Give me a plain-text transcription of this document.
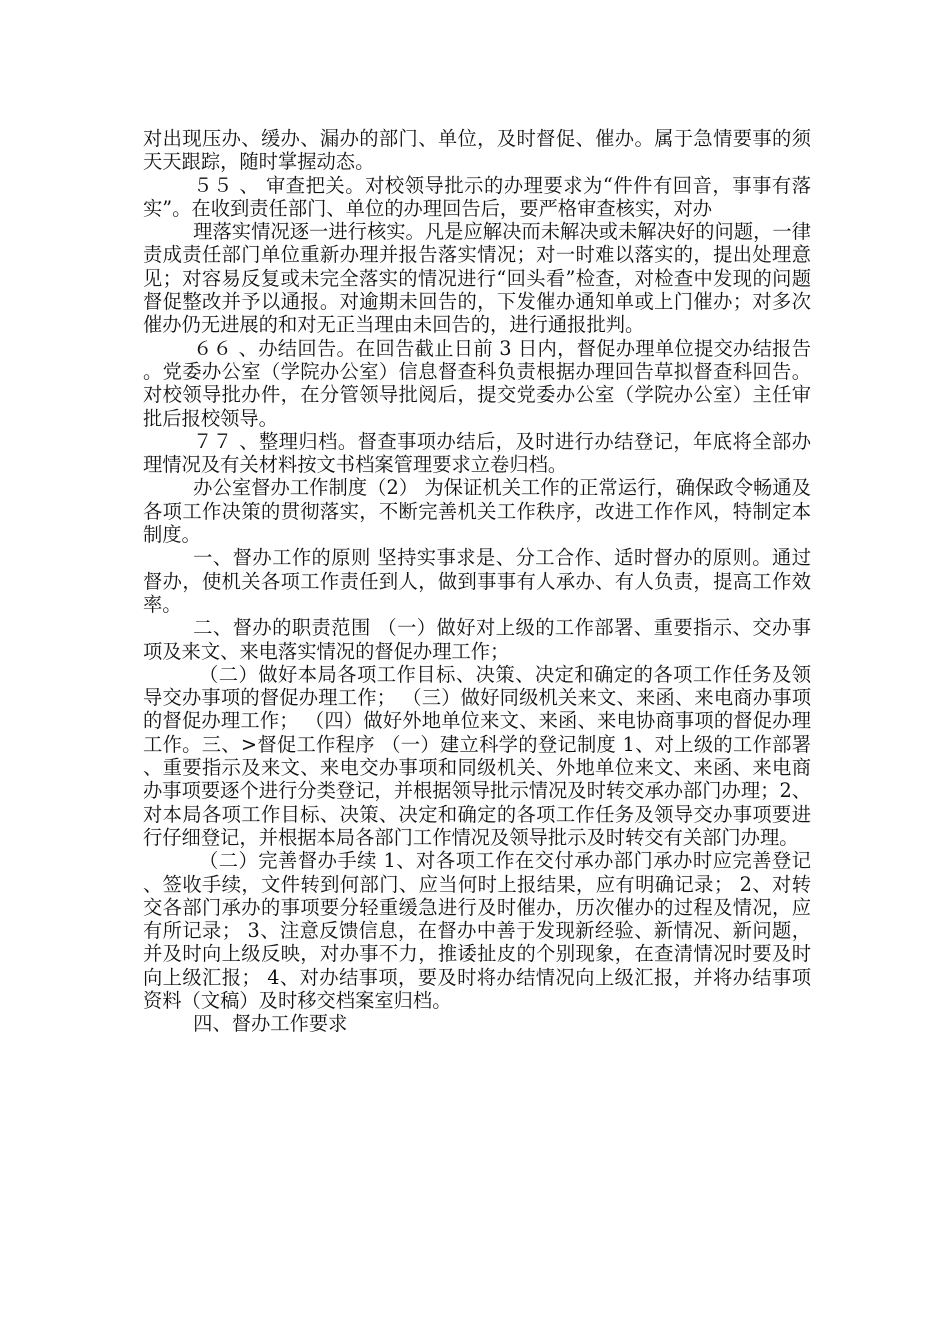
对出现压办、缓办、漏办的部门、单位，及时督促、催办。属于急情要事的须天天跟踪，随时掌握动态。

５５ 、 审查把关。对校领导批示的办理要求为“件件有回音，事事有落实”。在收到责任部门、单位的办理回告后，要严格审查核实，对办

理落实情况逐一进行核实。凡是应解决而未解决或未解决好的问题，一律责成责任部门单位重新办理并报告落实情况；对一时难以落实的，提出处理意见；对容易反复或未完全落实的情况进行“回头看”检查，对检查中发现的问题督促整改并予以通报。对逾期未回告的，下发催办通知单或上门催办；对多次催办仍无进展的和对无正当理由未回告的，进行通报批判。

６６ 、办结回告。在回告截止日前 3 日内，督促办理单位提交办结报告。党委办公室（学院办公室）信息督查科负责根据办理回告草拟督查科回告。对校领导批办件，在分管领导批阅后，提交党委办公室（学院办公室）主任审批后报校领导。

７７ 、整理归档。督查事项办结后，及时进行办结登记，年底将全部办理情况及有关材料按文书档案管理要求立卷归档。

办公室督办工作制度（2） 为保证机关工作的正常运行，确保政令畅通及各项工作决策的贯彻落实，不断完善机关工作秩序，改进工作作风，特制定本制度。

一、督办工作的原则 坚持实事求是、分工合作、适时督办的原则。通过督办，使机关各项工作责任到人，做到事事有人承办、有人负责，提高工作效率。

二、督办的职责范围 （一）做好对上级的工作部署、重要指示、交办事项及来文、来电落实情况的督促办理工作；

（二）做好本局各项工作目标、决策、决定和确定的各项工作任务及领导交办事项的督促办理工作； （三）做好同级机关来文、来函、来电商办事项的督促办理工作； （四）做好外地单位来文、来函、来电协商事项的督促办理工作。三、>督促工作程序 （一）建立科学的登记制度 1、对上级的工作部署、重要指示及来文、来电交办事项和同级机关、外地单位来文、来函、来电商办事项要逐个进行分类登记，并根据领导批示情况及时转交承办部门办理；2、对本局各项工作目标、决策、决定和确定的各项工作任务及领导交办事项要进行仔细登记，并根据本局各部门工作情况及领导批示及时转交有关部门办理。

（二）完善督办手续 1、对各项工作在交付承办部门承办时应完善登记、签收手续，文件转到何部门、应当何时上报结果，应有明确记录； 2、对转交各部门承办的事项要分轻重缓急进行及时催办，历次催办的过程及情况，应有所记录； 3、注意反馈信息，在督办中善于发现新经验、新情况、新问题，并及时向上级反映，对办事不力，推诿扯皮的个别现象，在查清情况时要及时向上级汇报； 4、对办结事项，要及时将办结情况向上级汇报，并将办结事项资料（文稿）及时移交档案室归档。

四、督办工作要求
